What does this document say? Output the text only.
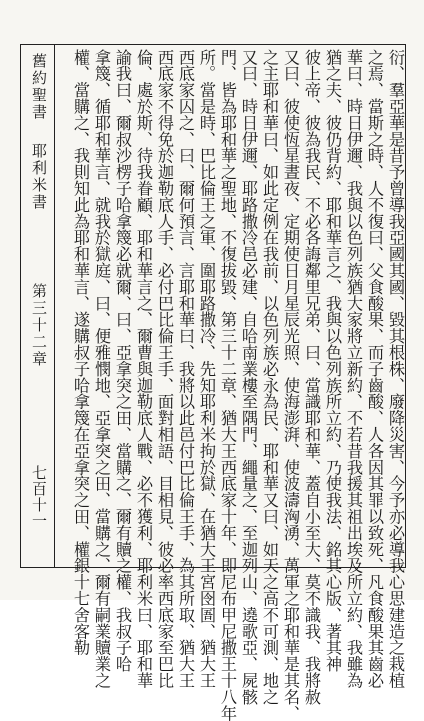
舊約聖書
耶利米書
第三十二章
七百十一	衍、羣亞華是昔予曾導我亞國其國、毀其根株、廢降災害、今予亦必導我心思建造之栽植
之焉、當斯之時、人不復曰、父食酸果、而子齒酸、人各因其罪以致死、凡食酸果其齒必
華曰、時日伊邇、我與以色列族猶大家將立新約、不若昔我援其祖出埃及所立約、我雖為
猶之夫、彼仍背約、耶和華言之、我與以色列族所立約、乃使我法、銘其心版、著其神
彼上帝、彼為我民、不必各誨鄰里兄弟、曰、當識耶和華、蓋自小至大、莫不識我、我將赦
又曰、彼使恆星晝夜、定期使日月星辰光照、使海澎湃、使波濤洶湧、萬軍之耶和華是其名、
之主耶和華曰、如此定例在我前、以色列族必永為民、耶和華又曰、如天之高不可測、地之
又曰、時日伊邇、耶路撒冷邑必建、自哈南業樓至隅門、繩量之、至迦列山、遶歌亞、屍骸
門、皆為耶和華之聖地、不復拔毀、第三十二章、猶大王西底家十年、即尼布甲尼撒王十八年
所。當是時、巴比倫王之軍、圍耶路撒冷、先知耶利米拘於獄、在猶大王宮囹圄、猶大王
西底家囚之、曰、爾何預言、言耶和華曰、我將以此邑付巴比倫王手、為其所取、猶大王
西底家不得免於迦勒底人手、必付巴比倫王手、面對相語、目相見、彼必率西底家至巴比
倫、處於斯、待我眷顧、耶和華言之、爾曹與迦勒底人戰、必不獲利、耶利米曰、耶和華
諭我曰、爾叔沙楞子哈拿篾必就爾、曰、亞拿突之田、當購之、爾有贖之權、我叔子哈
拿篾、循耶和華言、就我於獄庭、曰、便雅憫地、亞拿突之田、當購之、爾有嗣業贖業之
權、當購之、我則知此為耶和華言、遂購叔子哈拿篾在亞拿突之田、權銀十七舍客勒
